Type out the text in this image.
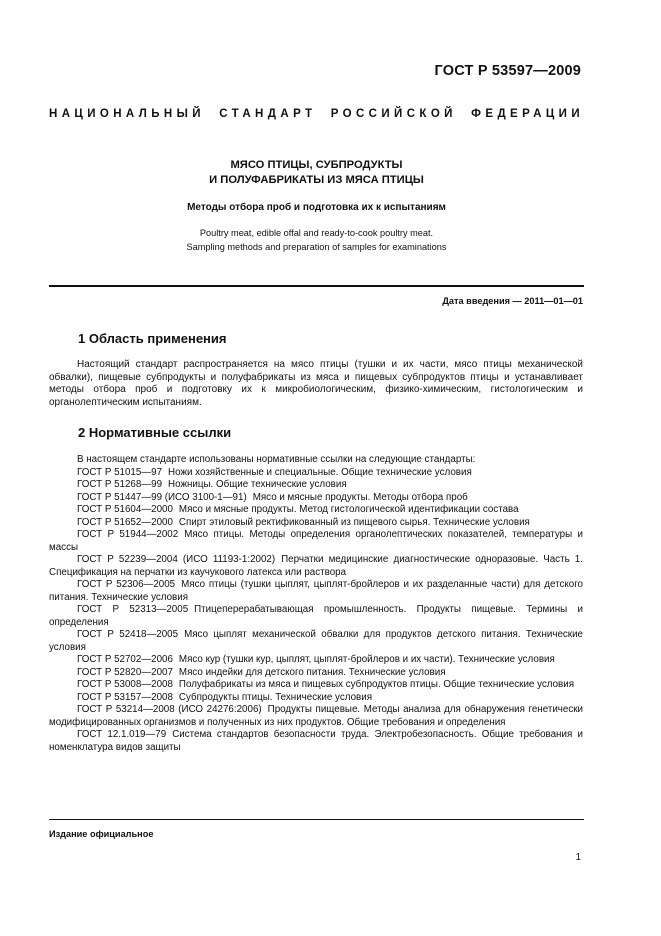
ГОСТ Р 53597—2009
НАЦИОНАЛЬНЫЙ СТАНДАРТ РОССИЙСКОЙ ФЕДЕРАЦИИ
МЯСО ПТИЦЫ, СУБПРОДУКТЫ
И ПОЛУФАБРИКАТЫ ИЗ МЯСА ПТИЦЫ
Методы отбора проб и подготовка их к испытаниям
Poultry meat, edible offal and ready-to-cook poultry meat.
Sampling methods and preparation of samples for examinations
Дата введения — 2011—01—01
1 Область применения

Настоящий стандарт распространяется на мясо птицы (тушки и их части, мясо птицы механической обвалки), пищевые субпродукты и полуфабрикаты из мяса и пищевых субпродуктов птицы и устанавливает методы отбора проб и подготовку их к микробиологическим, физико-химическим, гистологическим и органолептическим испытаниям.

2 Нормативные ссылки

В настоящем стандарте использованы нормативные ссылки на следующие стандарты:

ГОСТ Р 51015—97 Ножи хозяйственные и специальные. Общие технические условия

ГОСТ Р 51268—99 Ножницы. Общие технические условия

ГОСТ Р 51447—99 (ИСО 3100-1—91) Мясо и мясные продукты. Методы отбора проб

ГОСТ Р 51604—2000 Мясо и мясные продукты. Метод гистологической идентификации состава

ГОСТ Р 51652—2000 Спирт этиловый ректификованный из пищевого сырья. Технические условия

ГОСТ Р 51944—2002 Мясо птицы. Методы определения органолептических показателей, температуры и массы

ГОСТ Р 52239—2004 (ИСО 11193-1:2002) Перчатки медицинские диагностические одноразовые. Часть 1. Спецификация на перчатки из каучукового латекса или раствора

ГОСТ Р 52306—2005 Мясо птицы (тушки цыплят, цыплят-бройлеров и их разделанные части) для детского питания. Технические условия

ГОСТ Р 52313—2005 Птицеперерабатывающая промышленность. Продукты пищевые. Термины и определения

ГОСТ Р 52418—2005 Мясо цыплят механической обвалки для продуктов детского питания. Технические условия

ГОСТ Р 52702—2006 Мясо кур (тушки кур, цыплят, цыплят-бройлеров и их части). Технические условия

ГОСТ Р 52820—2007 Мясо индейки для детского питания. Технические условия

ГОСТ Р 53008—2008 Полуфабрикаты из мяса и пищевых субпродуктов птицы. Общие технические условия

ГОСТ Р 53157—2008 Субпродукты птицы. Технические условия

ГОСТ Р 53214—2008 (ИСО 24276:2006) Продукты пищевые. Методы анализа для обнаружения генетически модифицированных организмов и полученных из них продуктов. Общие требования и определения

ГОСТ 12.1.019—79 Система стандартов безопасности труда. Электробезопасность. Общие требования и номенклатура видов защиты

Издание официальное
1
